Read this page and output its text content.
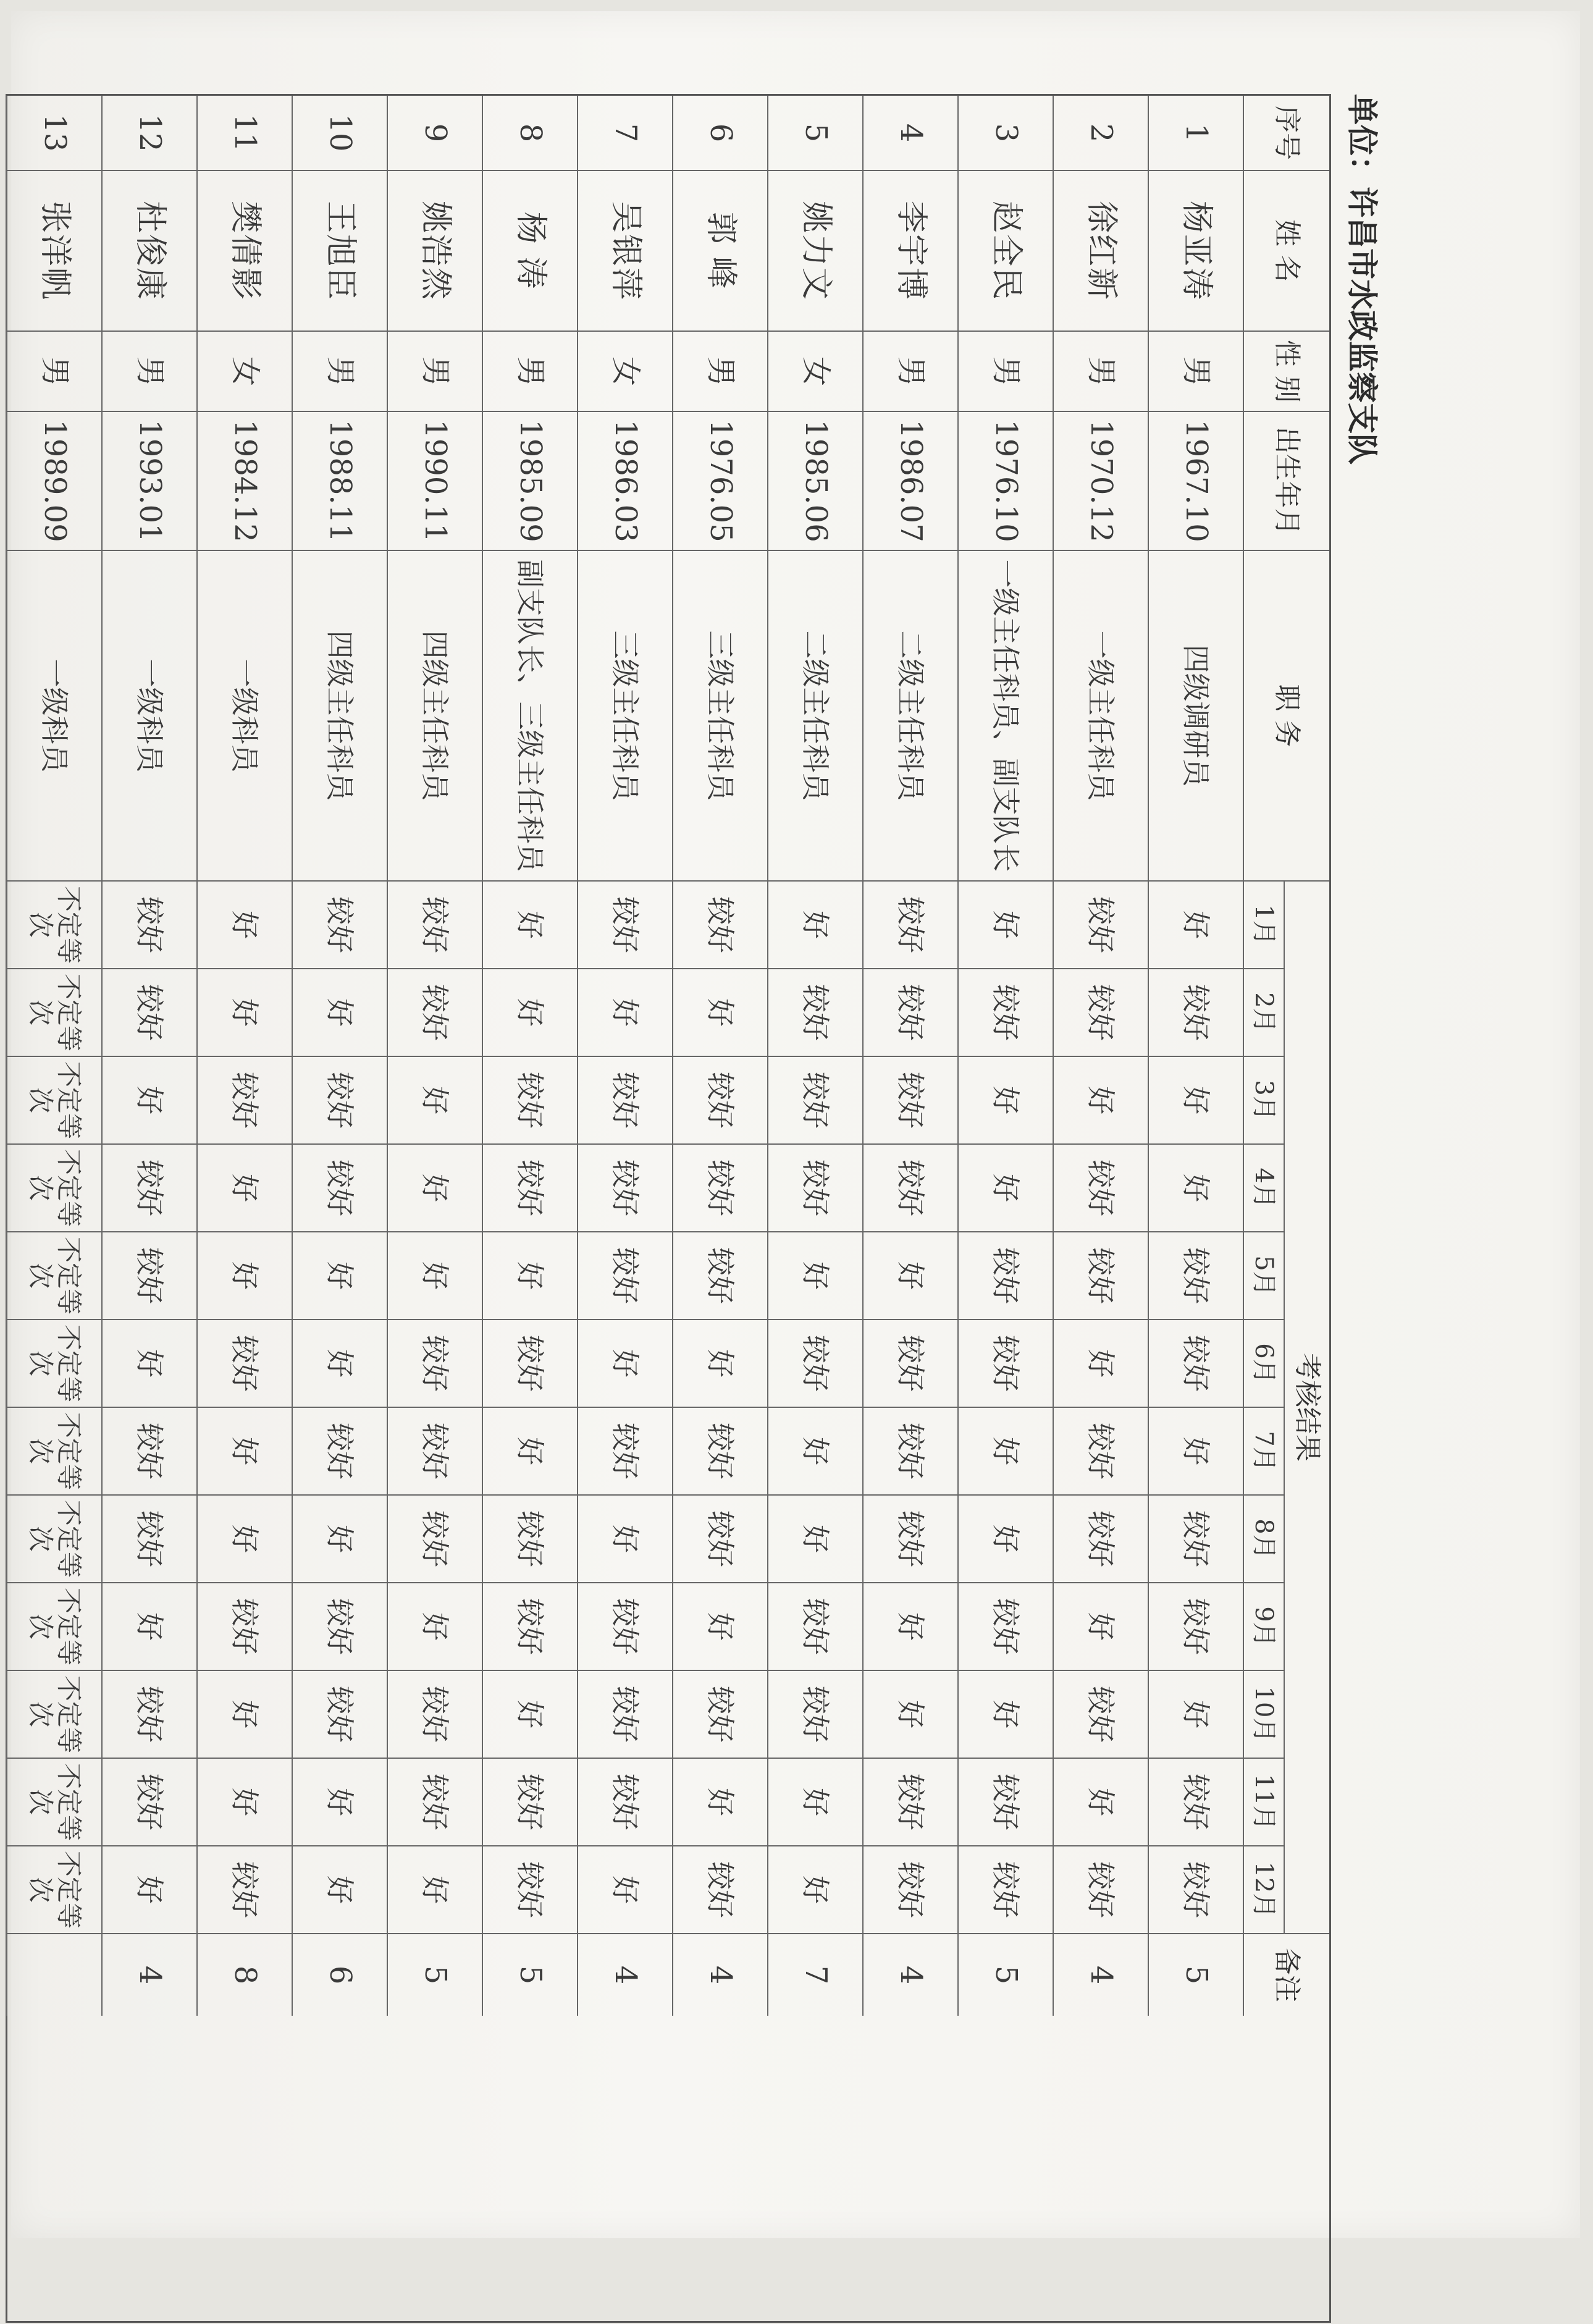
单位：许昌市水政监察支队
序号
姓 名
性 别
出生年月
职 务
考核结果
1月
2月
3月
4月
5月
6月
7月
8月
9月
10月
11月
12月
备注
1
杨亚涛
男
1967.10
四级调研员
好
较好
好
好
较好
较好
好
较好
较好
好
较好
较好
5
2
徐红新
男
1970.12
一级主任科员
较好
较好
好
较好
较好
好
较好
较好
好
较好
好
较好
4
3
赵全民
男
1976.10
一级主任科员、副支队长
好
较好
好
好
较好
较好
好
好
较好
好
较好
较好
5
4
李宇博
男
1986.07
二级主任科员
较好
较好
较好
较好
好
较好
较好
较好
好
好
较好
较好
4
5
姚力文
女
1985.06
二级主任科员
好
较好
较好
较好
好
较好
好
好
较好
较好
好
好
7
6
郭 峰
男
1976.05
三级主任科员
较好
好
较好
较好
较好
好
较好
较好
好
较好
好
较好
4
7
吴银萍
女
1986.03
三级主任科员
较好
好
较好
较好
较好
好
较好
好
较好
较好
较好
好
4
8
杨 涛
男
1985.09
副支队长、三级主任科员
好
好
较好
较好
好
较好
好
较好
较好
好
较好
较好
5
9
姚浩然
男
1990.11
四级主任科员
较好
较好
好
好
好
较好
较好
较好
好
较好
较好
好
5
10
王旭臣
男
1988.11
四级主任科员
较好
好
较好
较好
好
好
较好
好
较好
较好
好
好
6
11
樊倩影
女
1984.12
一级科员
好
好
较好
好
好
较好
好
好
较好
好
好
较好
8
12
杜俊康
男
1993.01
一级科员
较好
较好
好
较好
较好
好
较好
较好
好
较好
较好
好
4
13
张洋帆
男
1989.09
一级科员
不定等次
不定等次
不定等次
不定等次
不定等次
不定等次
不定等次
不定等次
不定等次
不定等次
不定等次
不定等次
